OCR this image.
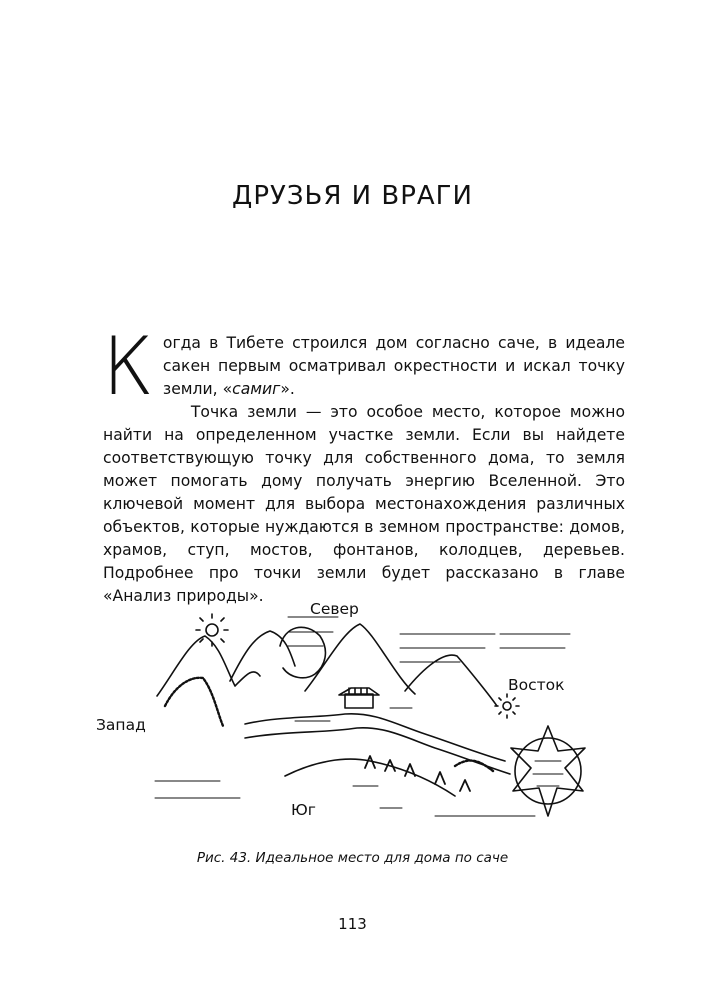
ДРУЗЬЯ И ВРАГИ
К огда в Тибете строился дом согласно саче, в идеале сакен первым осматривал окрестности и искал точку земли, «самиг».

Точка земли — это особое место, которое можно найти на определенном участке земли. Если вы найдете соответствующую точку для собственного дома, то земля может помогать дому получать энергию Вселенной. Это ключевой момент для выбора местонахождения различных объектов, которые нуждаются в земном пространстве: домов, храмов, ступ, мостов, фонтанов, колодцев, деревьев. Подробнее про точки земли будет рассказано в главе «Анализ природы».

Север
Восток
Запад
Юг
Рис. 43. Идеальное место для дома по саче
113
